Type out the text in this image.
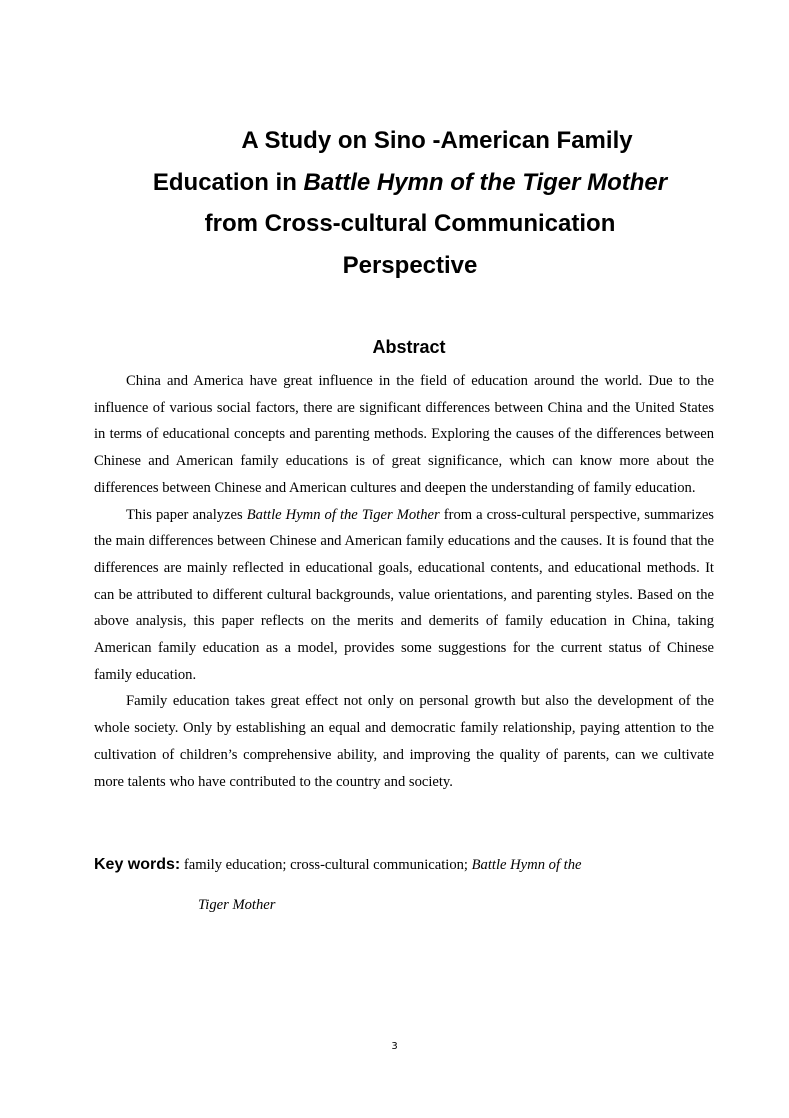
A Study on Sino -American Family
Education in Battle Hymn of the Tiger Mother
from Cross-cultural Communication
Perspective
Abstract

China and America have great influence in the field of education around the world. Due to the influence of various social factors, there are significant differences between China and the United States in terms of educational concepts and parenting methods. Exploring the causes of the differences between Chinese and American family educations is of great significance, which can know more about the differences between Chinese and American cultures and deepen the understanding of family education.

This paper analyzes Battle Hymn of the Tiger Mother from a cross-cultural perspective, summarizes the main differences between Chinese and American family educations and the causes. It is found that the differences are mainly reflected in educational goals, educational contents, and educational methods. It can be attributed to different cultural backgrounds, value orientations, and parenting styles. Based on the above analysis, this paper reflects on the merits and demerits of family education in China, taking American family education as a model, provides some suggestions for the current status of Chinese family education.

Family education takes great effect not only on personal growth but also the development of the whole society. Only by establishing an equal and democratic family relationship, paying attention to the cultivation of children’s comprehensive ability, and improving the quality of parents, can we cultivate more talents who have contributed to the country and society.

Key words: family education; cross-cultural communication; Battle Hymn of the
Tiger Mother
3
